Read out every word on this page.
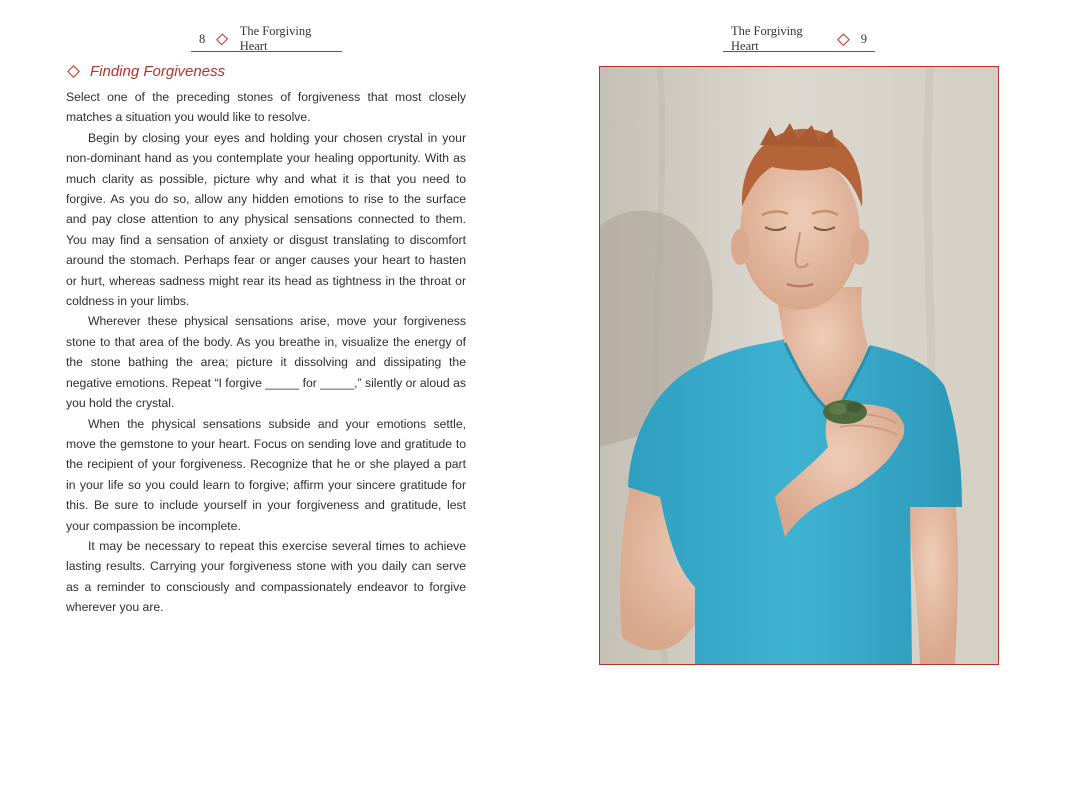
8
The Forgiving Heart
The Forgiving Heart
9
Finding Forgiveness

Select one of the preceding stones of forgiveness that most closely matches a situation you would like to resolve.

Begin by closing your eyes and holding your chosen crystal in your non-dominant hand as you contemplate your healing opportunity. With as much clarity as possible, picture why and what it is that you need to forgive. As you do so, allow any hidden emotions to rise to the surface and pay close attention to any physical sensations connected to them. You may find a sensation of anxiety or disgust translating to discomfort around the stomach. Perhaps fear or anger causes your heart to hasten or hurt, whereas sadness might rear its head as tightness in the throat or coldness in your limbs.

Wherever these physical sensations arise, move your forgiveness stone to that area of the body. As you breathe in, visualize the energy of the stone bathing the area; picture it dissolving and dissipating the negative emotions. Repeat “I forgive _____ for _____,” silently or aloud as you hold the crystal.

When the physical sensations subside and your emotions settle, move the gemstone to your heart. Focus on sending love and gratitude to the recipient of your forgiveness. Recognize that he or she played a part in your life so you could learn to forgive; affirm your sincere gratitude for this. Be sure to include yourself in your forgiveness and gratitude, lest your compassion be incomplete.

It may be necessary to repeat this exercise several times to achieve lasting results. Carrying your forgiveness stone with you daily can serve as a reminder to consciously and compassionately endeavor to forgive wherever you are.
